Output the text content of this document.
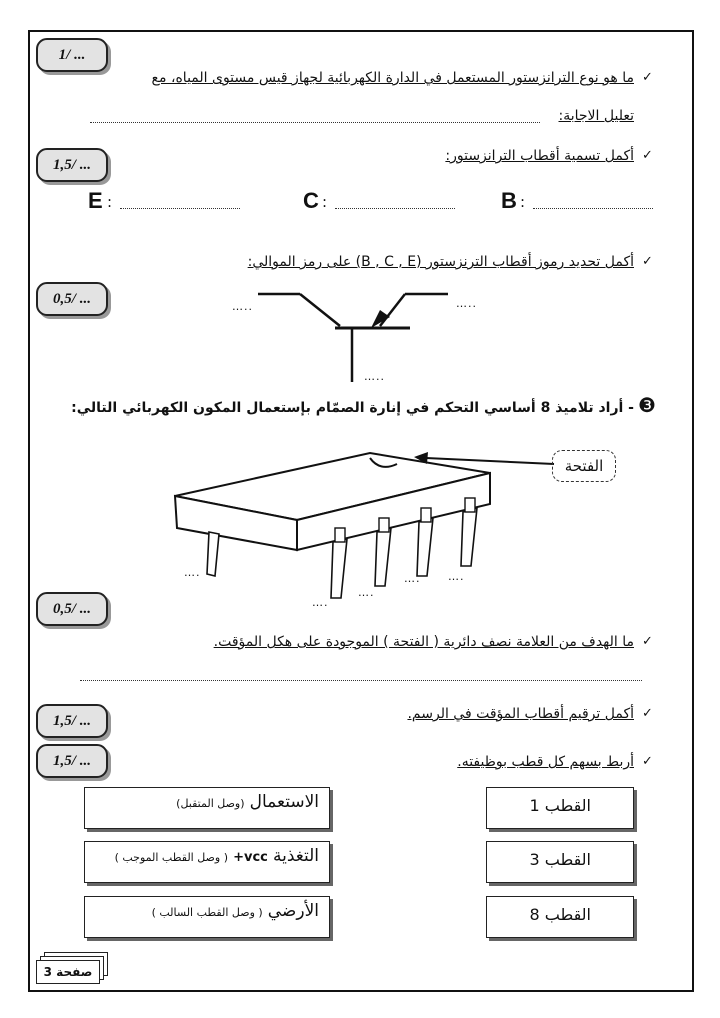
1/ ...
✓
ما هو نوع الترانزستور المستعمل في الدارة الكهربائية لجهاز قيس مستوى المياه، مع
تعليل الاجابة:
1,5/ ...
✓
أكمل تسمية أقطاب الترانزستور:
E :	C :	B :
✓
أكمل تحديد رموز أقطاب الترنزستور (B , C , E) على رمز الموالي:
0,5/ ...	…..	…..
…..
❸
- أراد تلاميذ 8 أساسي التحكم في إنارة الصمّام بإستعمال المكون الكهربائي التالي:
الفتحة
….
….
….
….	….
0,5/ ...
✓
ما الهدف من العلامة نصف دائرية ( الفتحة ) الموجودة على هكل المؤقت.
1,5/ ...	✓
أكمل ترقيم أقطاب المؤقت في الرسم.
1,5/ ...	✓
أربط بسهم كل قطب بوظيفته.
الاستعمال (وصل المتقبل)
التغذية vcc+ ( وصل القطب الموجب )
الأرضي ( وصل القطب السالب )
القطب 1
القطب 3
القطب 8
صفحة 3
